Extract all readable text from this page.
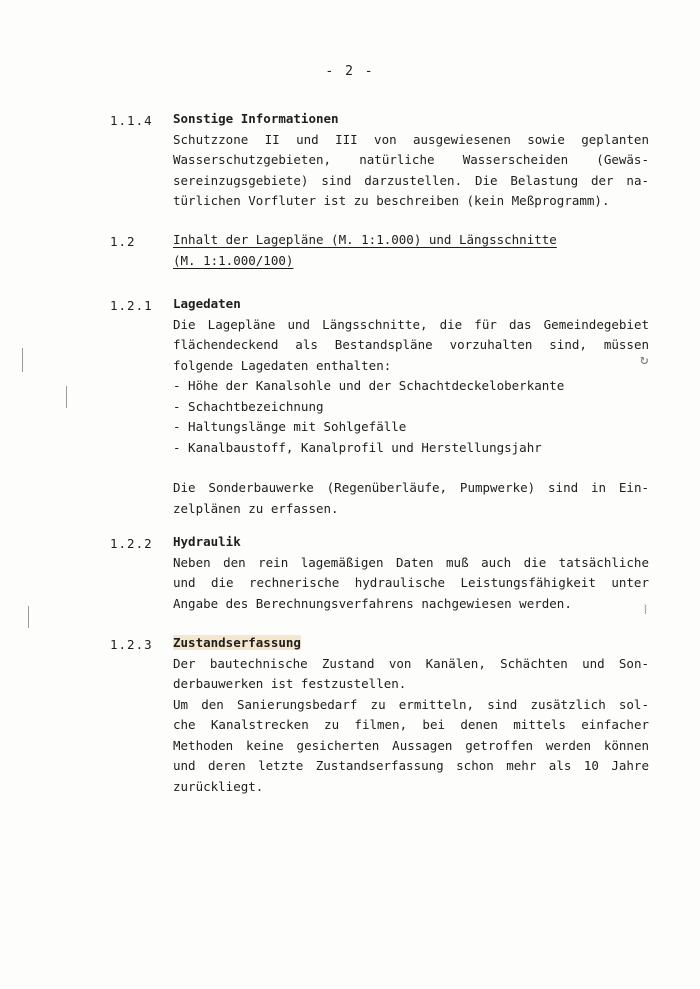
- 2 -
1.1.4 Sonstige Informationen
Schutzzone II und III von ausgewiesenen sowie geplanten
Wasserschutzgebieten, natürliche Wasserscheiden (Gewäs-
sereinzugsgebiete) sind darzustellen. Die Belastung der na-
türlichen Vorfluter ist zu beschreiben (kein Meßprogramm).
1.2	Inhalt der Lagepläne (M. 1:1.000) und Längsschnitte
(M. 1:1.000/100)
1.2.1 Lagedaten
Die Lagepläne und Längsschnitte, die für das Gemeindegebiet
flächendeckend als Bestandspläne vorzuhalten sind, müssen
folgende Lagedaten enthalten:
- Höhe der Kanalsohle und der Schachtdeckeloberkante
- Schachtbezeichnung
- Haltungslänge mit Sohlgefälle
- Kanalbaustoff, Kanalprofil und Herstellungsjahr
Die Sonderbauwerke (Regenüberläufe, Pumpwerke) sind in Ein-
zelplänen zu erfassen.
1.2.2 Hydraulik
Neben den rein lagemäßigen Daten muß auch die tatsächliche
und die rechnerische hydraulische Leistungsfähigkeit unter
Angabe des Berechnungsverfahrens nachgewiesen werden.
1.2.3 Zustandserfassung
Der bautechnische Zustand von Kanälen, Schächten und Son-
derbauwerken ist festzustellen.
Um den Sanierungsbedarf zu ermitteln, sind zusätzlich sol-
che Kanalstrecken zu filmen, bei denen mittels einfacher
Methoden keine gesicherten Aussagen getroffen werden können
und deren letzte Zustandserfassung schon mehr als 10 Jahre
zurückliegt.
↻
⧘
